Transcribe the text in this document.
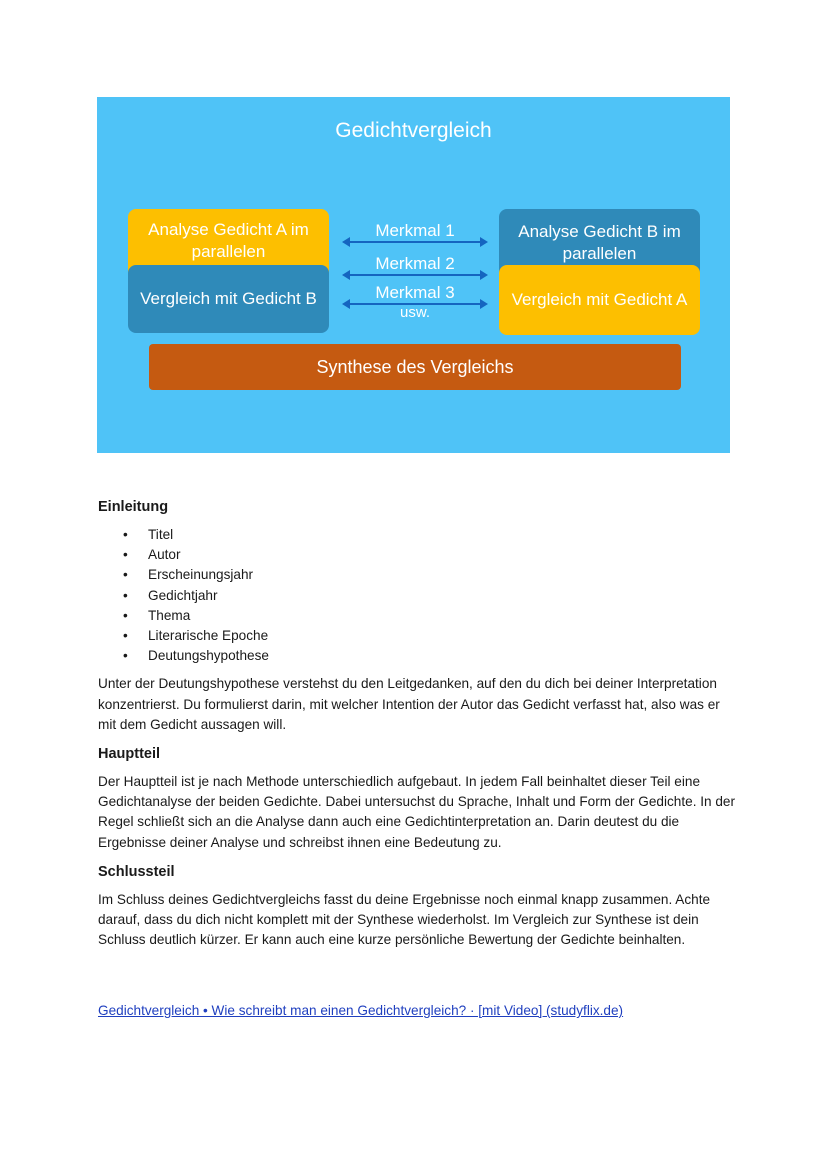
Gedichtvergleich
Analyse Gedicht A im parallelen
Vergleich mit Gedicht B
Analyse Gedicht B im parallelen
Vergleich mit Gedicht A
Merkmal 1
Merkmal 2
Merkmal 3
usw.
Synthese des Vergleichs
Einleitung
• Titel
• Autor
• Erscheinungsjahr
• Gedichtjahr
• Thema
• Literarische Epoche
• Deutungshypothese

Unter der Deutungshypothese verstehst du den Leitgedanken, auf den du dich bei deiner Interpretation konzentrierst. Du formulierst darin, mit welcher Intention der Autor das Gedicht verfasst hat, also was er mit dem Gedicht aussagen will.

Hauptteil

Der Hauptteil ist je nach Methode unterschiedlich aufgebaut. In jedem Fall beinhaltet dieser Teil eine Gedichtanalyse der beiden Gedichte. Dabei untersuchst du Sprache, Inhalt und Form der Gedichte. In der Regel schließt sich an die Analyse dann auch eine Gedichtinterpretation an. Darin deutest du die Ergebnisse deiner Analyse und schreibst ihnen eine Bedeutung zu.

Schlussteil

Im Schluss deines Gedichtvergleichs fasst du deine Ergebnisse noch einmal knapp zusammen. Achte darauf, dass du dich nicht komplett mit der Synthese wiederholst. Im Vergleich zur Synthese ist dein Schluss deutlich kürzer. Er kann auch eine kurze persönliche Bewertung der Gedichte beinhalten.

Gedichtvergleich • Wie schreibt man einen Gedichtvergleich? · [mit Video] (studyflix.de)
